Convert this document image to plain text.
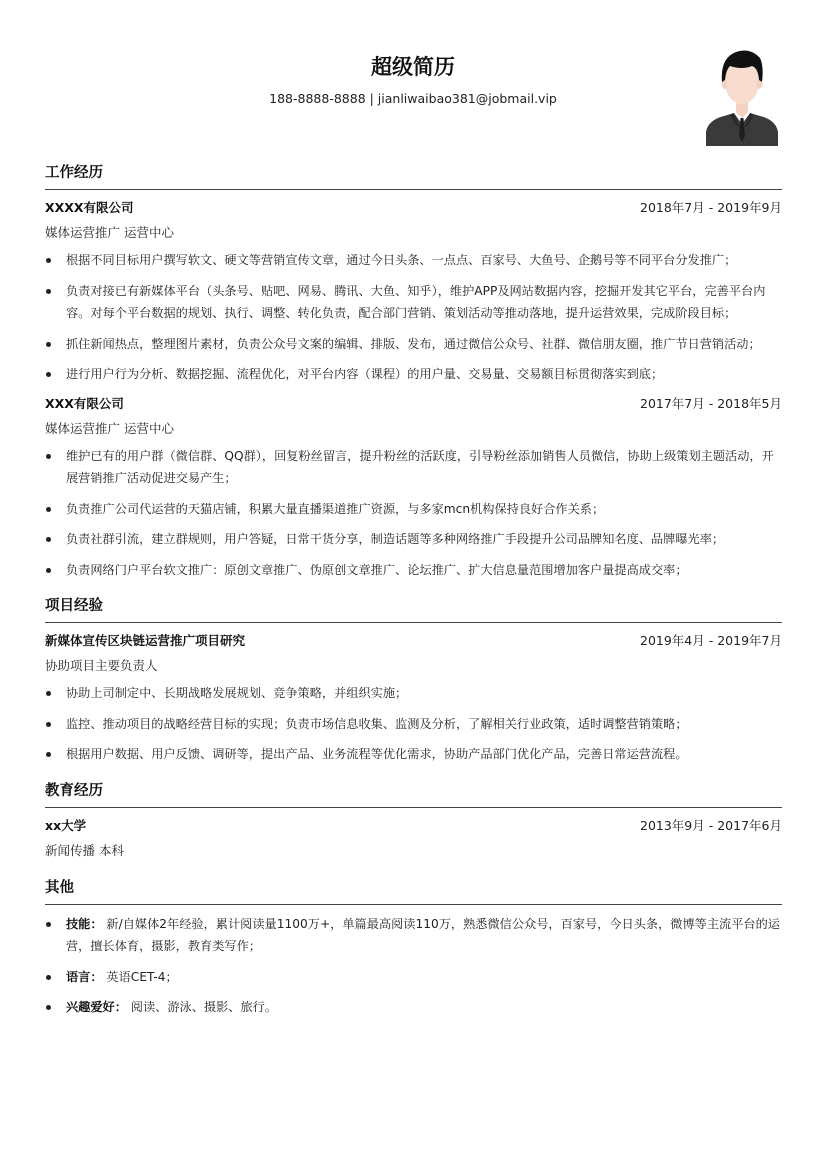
超级简历
188-8888-8888 | jianliwaibao381@jobmail.vip
工作经历
XXXX有限公司	2018年7月 - 2019年9月
媒体运营推广 运营中心
根据不同目标用户撰写软文、硬文等营销宣传文章，通过今日头条、一点点、百家号、大鱼号、企鹅号等不同平台分发推广；
负责对接已有新媒体平台（头条号、贴吧、网易、腾讯、大鱼、知乎），维护APP及网站数据内容，挖掘开发其它平台，完善平台内容。对每个平台数据的规划、执行、调整、转化负责，配合部门营销、策划活动等推动落地，提升运营效果，完成阶段目标；
抓住新闻热点，整理图片素材，负责公众号文案的编辑、排版、发布，通过微信公众号、社群、微信朋友圈，推广节日营销活动；
进行用户行为分析、数据挖掘、流程优化，对平台内容（课程）的用户量、交易量、交易额目标贯彻落实到底；
XXX有限公司	2017年7月 - 2018年5月
媒体运营推广 运营中心
维护已有的用户群（微信群、QQ群），回复粉丝留言，提升粉丝的活跃度，引导粉丝添加销售人员微信，协助上级策划主题活动，开展营销推广活动促进交易产生；
负责推广公司代运营的天猫店铺，积累大量直播渠道推广资源，与多家mcn机构保持良好合作关系；
负责社群引流，建立群规则，用户答疑，日常干货分享，制造话题等多种网络推广手段提升公司品牌知名度、品牌曝光率；
负责网络门户平台软文推广：原创文章推广、伪原创文章推广、论坛推广、扩大信息量范围增加客户量提高成交率；
项目经验
新媒体宣传区块链运营推广项目研究	2019年4月 - 2019年7月
协助项目主要负责人
协助上司制定中、长期战略发展规划、竞争策略，并组织实施；
监控、推动项目的战略经营目标的实现；负责市场信息收集、监测及分析，了解相关行业政策，适时调整营销策略；
根据用户数据、用户反馈、调研等，提出产品、业务流程等优化需求，协助产品部门优化产品，完善日常运营流程。
教育经历
xx大学	2013年9月 - 2017年6月
新闻传播 本科
其他
技能： 新/自媒体2年经验，累计阅读量1100万+，单篇最高阅读110万，熟悉微信公众号，百家号，今日头条，微博等主流平台的运营，擅长体育，摄影，教育类写作；
语言： 英语CET-4；
兴趣爱好： 阅读、游泳、摄影、旅行。
